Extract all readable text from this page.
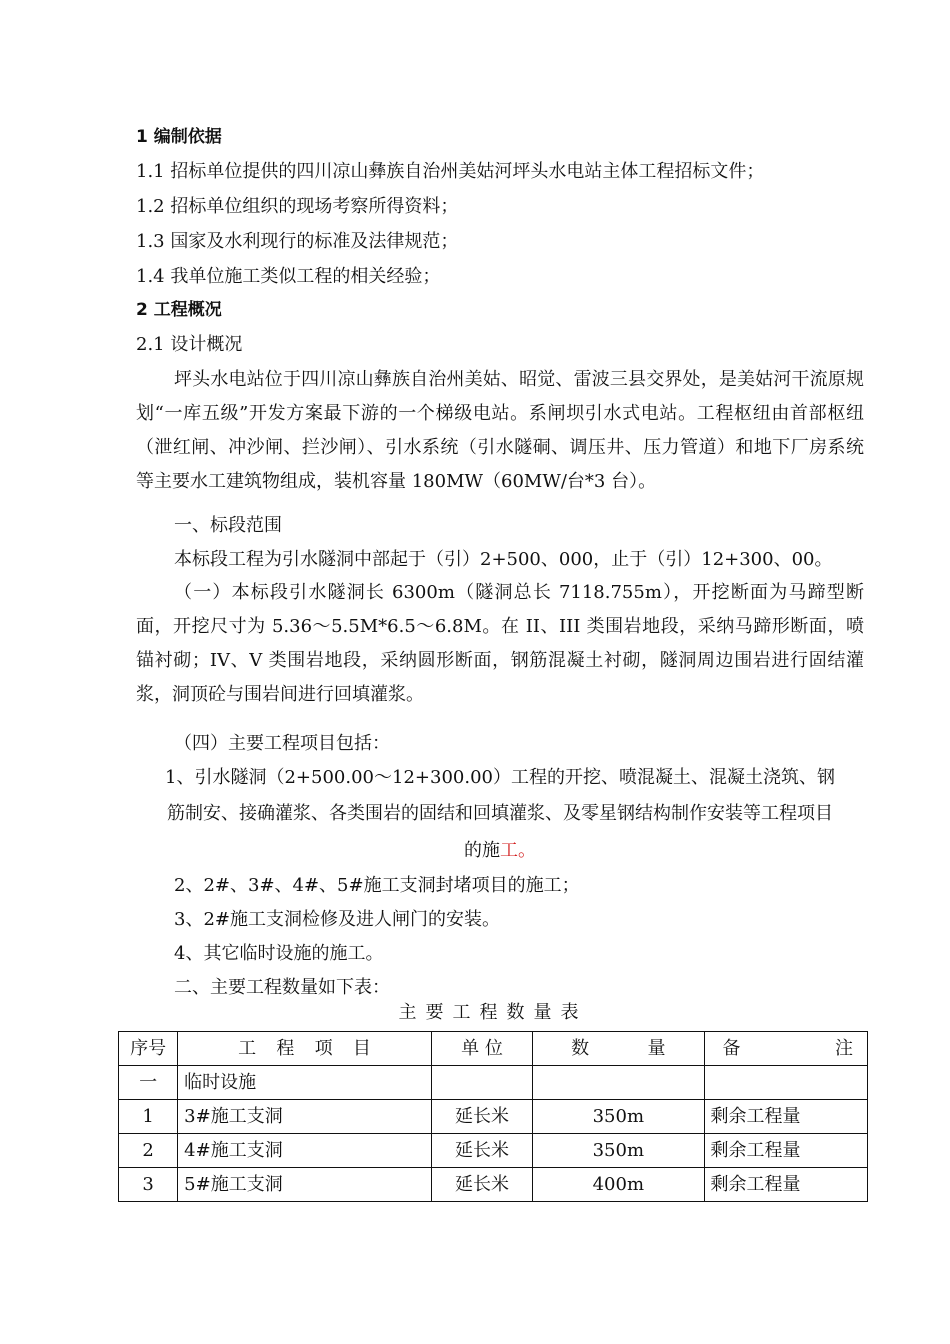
1 编制依据
1.1 招标单位提供的四川凉山彝族自治州美姑河坪头水电站主体工程招标文件；
1.2 招标单位组织的现场考察所得资料；
1.3 国家及水利现行的标准及法律规范；
1.4 我单位施工类似工程的相关经验；
2 工程概况
2.1 设计概况
坪头水电站位于四川凉山彝族自治州美姑、昭觉、雷波三县交界处，是美姑河干流原规划“一库五级”开发方案最下游的一个梯级电站。系闸坝引水式电站。工程枢纽由首部枢纽（泄红闸、冲沙闸、拦沙闸）、引水系统（引水隧硐、调压井、压力管道）和地下厂房系统等主要水工建筑物组成，装机容量 180MW（60MW/台*3 台）。
一、标段范围
本标段工程为引水隧洞中部起于（引）2+500、000，止于（引）12+300、00。
（一）本标段引水隧洞长 6300m（隧洞总长 7118.755m），开挖断面为马蹄型断面，开挖尺寸为 5.36～5.5M*6.5～6.8M。在 II、III 类围岩地段，采纳马蹄形断面，喷锚衬砌；IV、V 类围岩地段，采纳圆形断面，钢筋混凝土衬砌，隧洞周边围岩进行固结灌浆，洞顶砼与围岩间进行回填灌浆。
（四）主要工程项目包括：
1、引水隧洞（2+500.00～12+300.00）工程的开挖、喷混凝土、混凝土浇筑、钢
筋制安、接确灌浆、各类围岩的固结和回填灌浆、及零星钢结构制作安装等工程项目
的施工。
2、2#、3#、4#、5#施工支洞封堵项目的施工；
3、2#施工支洞检修及进人闸门的安装。
4、其它临时设施的施工。
二、主要工程数量如下表：
主要工程数量表
序号	工 程 项 目	单 位	数 量	备 注

一	临时设施			
1	3#施工支洞	延长米	350m	剩余工程量
2	4#施工支洞	延长米	350m	剩余工程量
3	5#施工支洞	延长米	400m	剩余工程量
